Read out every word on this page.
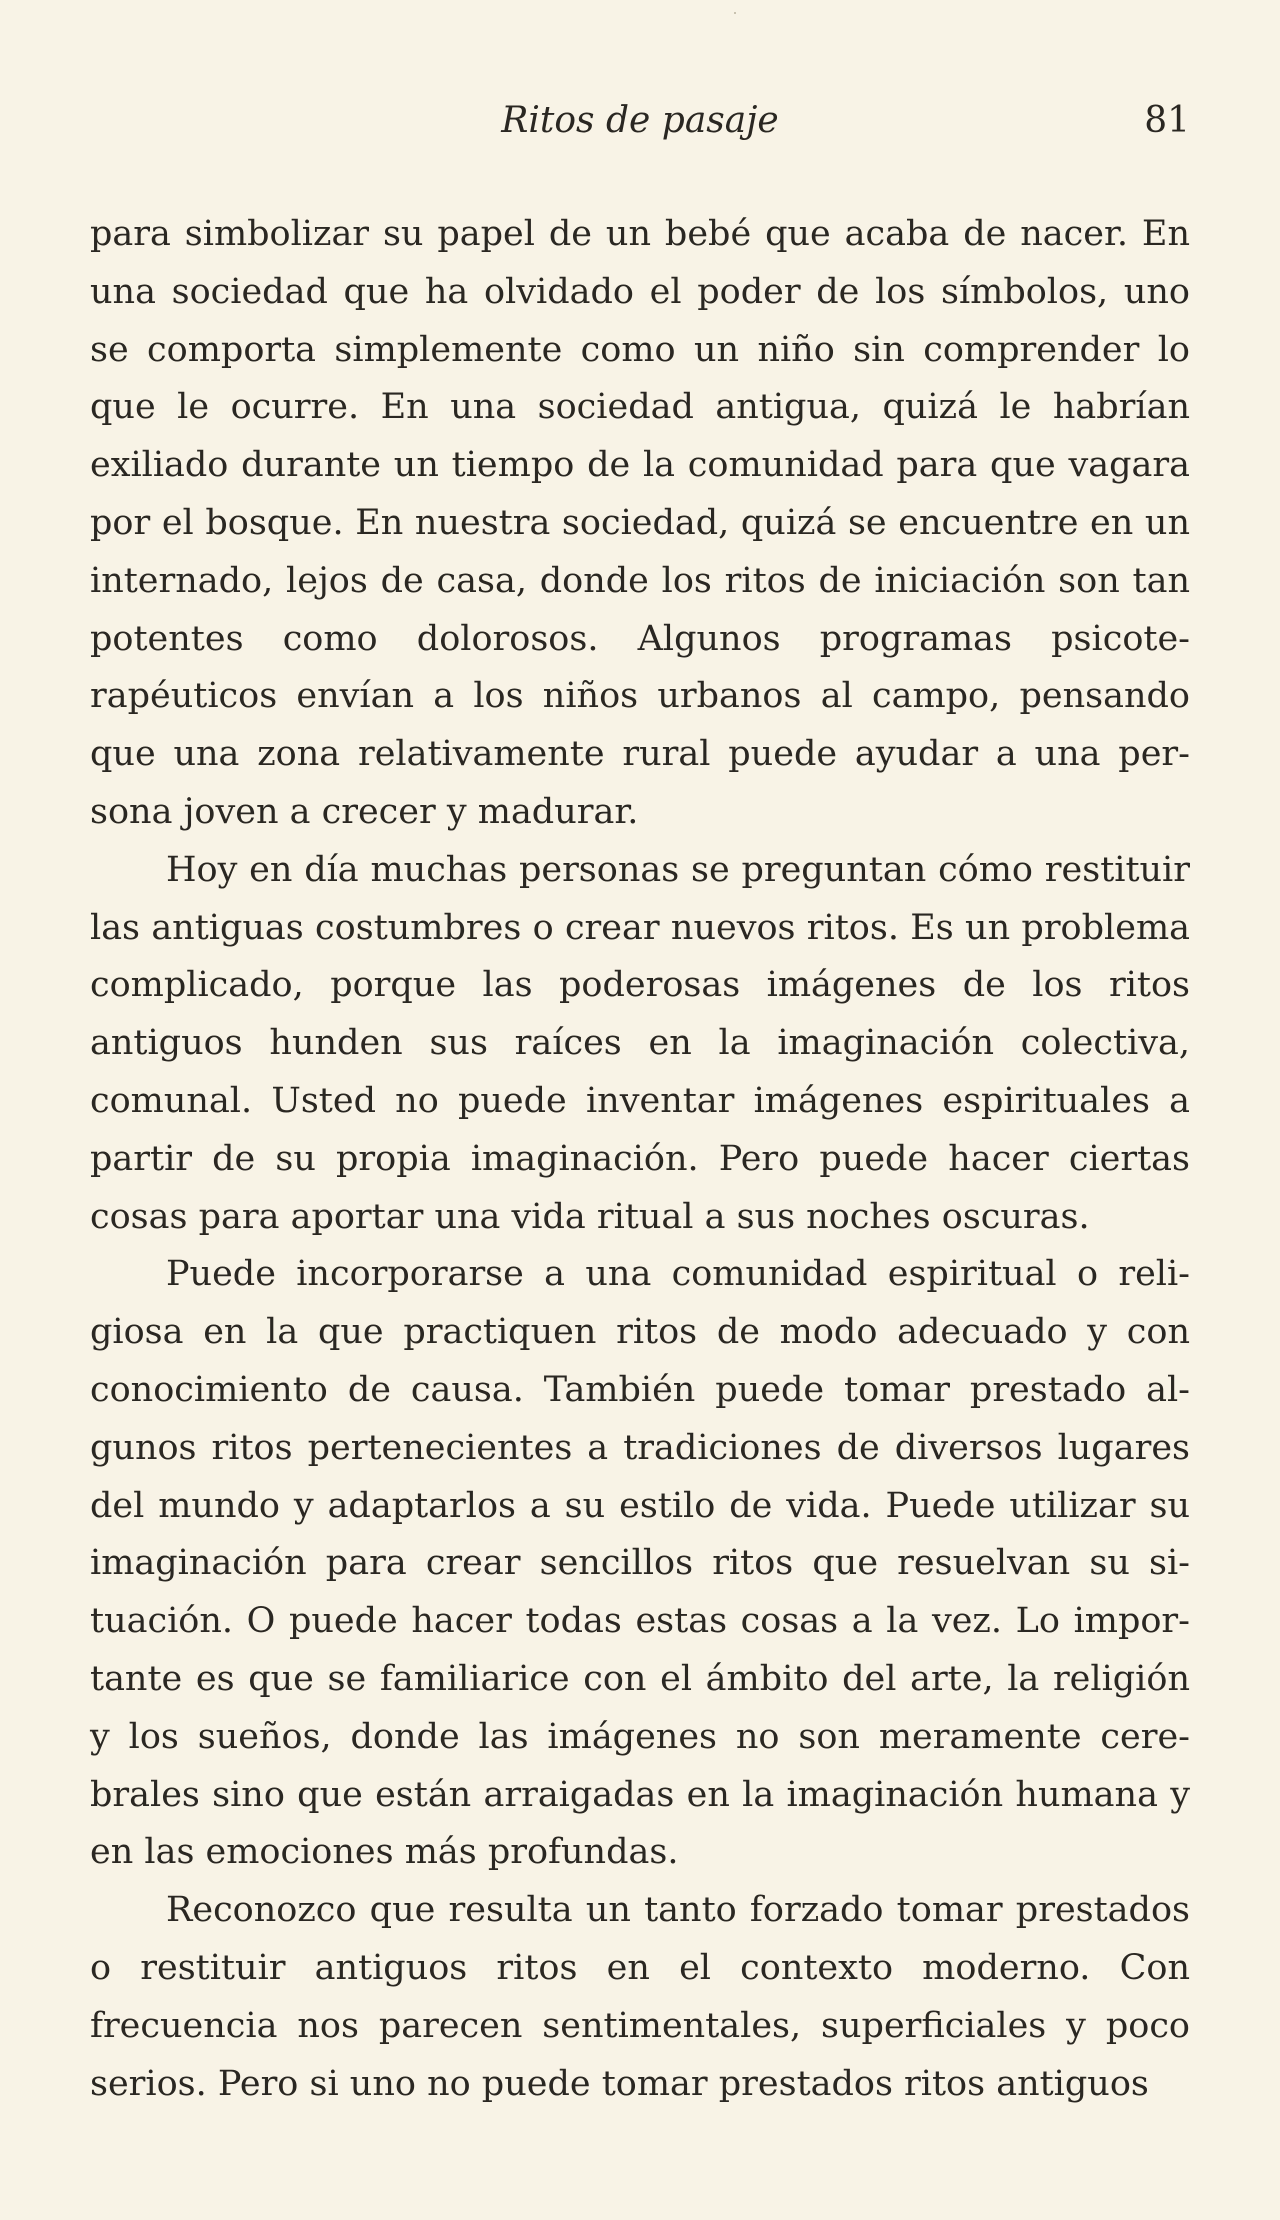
Ritos de pasaje	81

para simbolizar su papel de un bebé que acaba de nacer. En una sociedad que ha olvidado el poder de los símbolos, uno se comporta simplemente como un niño sin comprender lo que le ocurre. En una sociedad antigua, quizá le habrían exiliado durante un tiempo de la comunidad para que vagara por el bosque. En nuestra sociedad, quizá se encuentre en un internado, lejos de casa, donde los ritos de iniciación son tan potentes como dolorosos. Algunos programas psicoterapéuticos envían a los niños urbanos al campo, pensando que una zona relativamente rural puede ayudar a una persona joven a crecer y madurar.

Hoy en día muchas personas se preguntan cómo restituir las antiguas costumbres o crear nuevos ritos. Es un problema complicado, porque las poderosas imágenes de los ritos antiguos hunden sus raíces en la imaginación colectiva, comunal. Usted no puede inventar imágenes espirituales a partir de su propia imaginación. Pero puede hacer ciertas cosas para aportar una vida ritual a sus noches oscuras.

Puede incorporarse a una comunidad espiritual o religiosa en la que practiquen ritos de modo adecuado y con conocimiento de causa. También puede tomar prestado algunos ritos pertenecientes a tradiciones de diversos lugares del mundo y adaptarlos a su estilo de vida. Puede utilizar su imaginación para crear sencillos ritos que resuelvan su situación. O puede hacer todas estas cosas a la vez. Lo importante es que se familiarice con el ámbito del arte, la religión y los sueños, donde las imágenes no son meramente cerebrales sino que están arraigadas en la imaginación humana y en las emociones más profundas.

Reconozco que resulta un tanto forzado tomar prestados o restituir antiguos ritos en el contexto moderno. Con frecuencia nos parecen sentimentales, superficiales y poco serios. Pero si uno no puede tomar prestados ritos antiguos
